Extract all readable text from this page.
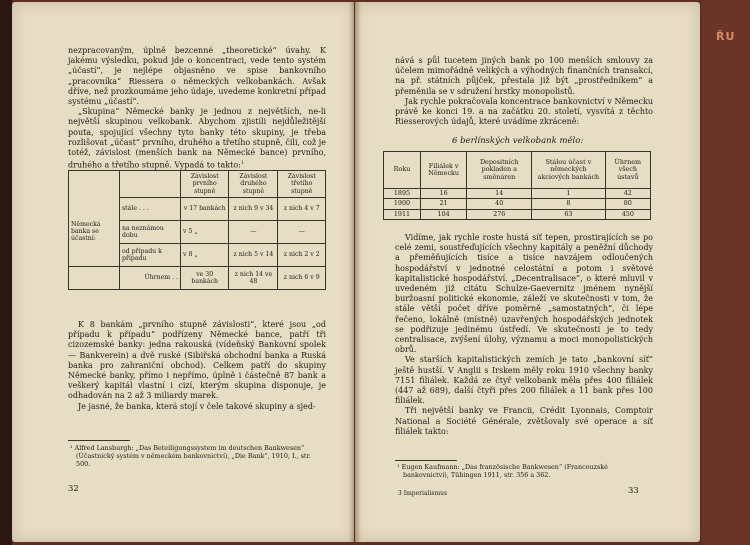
ŘU

nezpracovaným, úplně bezcenné „theoretické“ úvahy. K jakému výsledku, pokud jde o koncentraci, vede tento systém „účastí“, je nejlépe objasněno ve spise bankovního „pracovníka“ Riessera o německých velkobankách. Avšak dříve, než prozkoumáme jeho údaje, uvedeme konkretní případ systému „účastí“.

„Skupina“ Německé banky je jednou z největších, ne-li největší skupinou velkobank. Abychom zjistili nejdůležitější pouta, spojující všechny tyto banky této skupiny, je třeba rozlišovat „účast“ prvního, druhého a třetího stupně, čili, což je totéž, závislost (menších bank na Německé bance) prvního, druhého a třetího stupně. Vypadá to takto:$^1$

		Závislost prvního stupně	Závislost druhého stupně	Závislost třetího stupně
Německá banka se účastní:	stále . . .	v 17 bankách	z nich 9 v 34	z nich 4 v 7
	na neznámou dobu	v 5 „	—	—
	od případu k případu	v 8 „	z nich 5 v 14	z nich 2 v 2
	Úhrnem . .	ve 30 bankách	z nich 14 ve 48	z nich 6 v 9

K 8 bankám „prvního stupně závislosti“, které jsou „od případu k případu“ podřízeny Německé bance, patří tři cizozemské banky: jedna rakouská (vídeňský Bankovní spolek — Bankverein) a dvě ruské (Sibiřská obchodní banka a Ruská banka pro zahraniční obchod). Celkem patří do skupiny Německé banky, přímo i nepřímo, úplně i částečně 87 bank a veškerý kapitál vlastní i cizí, kterým skupina disponuje, je odhadován na 2 až 3 miliardy marek.

Je jasné, že banka, která stojí v čele takové skupiny a sjed-

¹ Alfred Lansburgh: „Das Beteiligungssystem im deutschen Bankwesen“ (Účastnický systém v německém bankovnictví), „Die Bank“, 1910, I., str. 500.

32

nává s půl tucetem jiných bank po 100 menších smlouvy za účelem mimořádně velikých a výhodných finančních transakcí, na př. státních půjček, přestala již být „prostředníkem“ a přeměnila se v sdružení hrstky monopolistů.

Jak rychle pokračovala koncentrace bankovnictví v Německu právě ke konci 19. a na začátku 20. století, vysvítá z těchto Riesserových údajů, které uvádíme zkráceně:

6 berlínských velkobank mělo:
Roku	Filiálek v Německu	Depositních pokladen a směnáren	Stálou účast v německých akciových bankách	Úhrnem všech ústavů
1895	16	14	1	42
1900	21	40	8	80
1911	104	276	63	450

Vidíme, jak rychle roste hustá síť tepen, prostirajících se po celé zemi, soustřeďujících všechny kapitály a peněžní důchody a přeměňujících tisíce a tisíce navzájem odloučených hospodářství v jednotné celostátní a potom i světové kapitalistické hospodářství. „Decentralisace“, o které mluvil v uvedeném již citátu Schulze-Gaevernitz jménem nynější buržoasní politické ekonomie, záleží ve skutečnosti v tom, že stále větší počet dříve poměrně „samostatných“, či lépe řečeno, lokálně (místně) uzavřených hospodářských jednotek se podřizuje jedinému ústředí. Ve skutečnosti je to tedy centralisace, zvýšení úlohy, významu a moci monopolistických obrů.

Ve starších kapitalistických zemích je tato „bankovní síť“ ještě hustší. V Anglii s Irskem měly roku 1910 všechny banky 7151 filiálek. Každá ze čtyř velkobank měla přes 400 filiálek (447 až 689), další čtyři přes 200 filiálek a 11 bank přes 100 filiálek.

Tři největší banky ve Francii, Crédit Lyonnais, Comptoir National a Société Générale, zvětšovaly své operace a síť filiálek takto:

¹ Eugen Kaufmann: „Das französische Bankwesen“ (Francouzské bankovnictví), Tübingen 1911, str. 356 a 362.

3 Imperialismus	33
